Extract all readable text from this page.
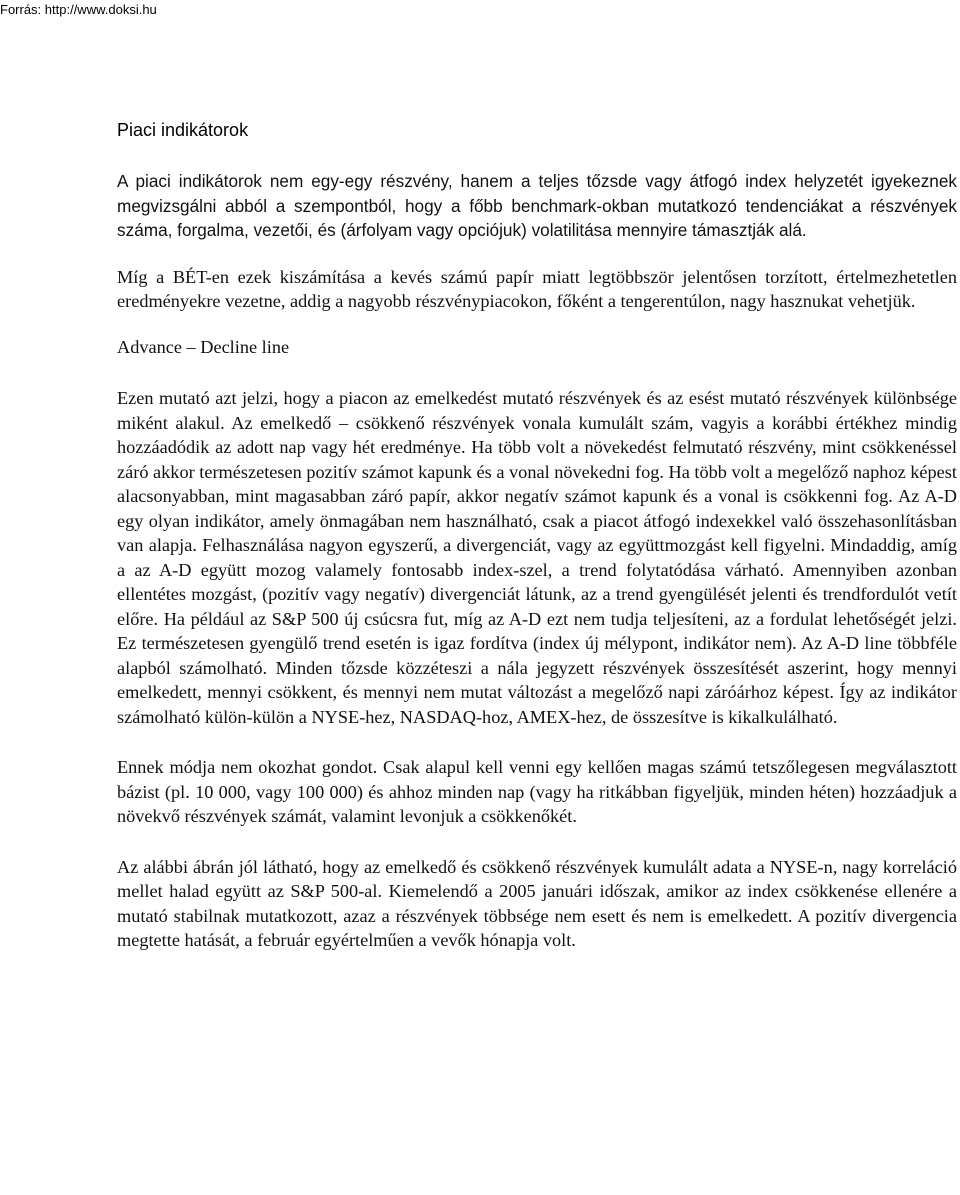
Forrás: http://www.doksi.hu
Piaci indikátorok

A piaci indikátorok nem egy-egy részvény, hanem a teljes tőzsde vagy átfogó index helyzetét igyekeznek megvizsgálni abból a szempontból, hogy a főbb benchmark-okban mutatkozó tendenciákat a részvények száma, forgalma, vezetői, és (árfolyam vagy opciójuk) volatilitása mennyire támasztják alá.

Míg a BÉT-en ezek kiszámítása a kevés számú papír miatt legtöbbször jelentősen torzított, értelmezhetetlen eredményekre vezetne, addig a nagyobb részvénypiacokon, főként a tengerentúlon, nagy hasznukat vehetjük.

Advance – Decline line

Ezen mutató azt jelzi, hogy a piacon az emelkedést mutató részvények és az esést mutató részvények különbsége miként alakul. Az emelkedő – csökkenő részvények vonala kumulált szám, vagyis a korábbi értékhez mindig hozzáadódik az adott nap vagy hét eredménye. Ha több volt a növekedést felmutató részvény, mint csökkenéssel záró akkor természetesen pozitív számot kapunk és a vonal növekedni fog. Ha több volt a megelőző naphoz képest alacsonyabban, mint magasabban záró papír, akkor negatív számot kapunk és a vonal is csökkenni fog. Az A-D egy olyan indikátor, amely önmagában nem használható, csak a piacot átfogó indexekkel való összehasonlításban van alapja. Felhasználása nagyon egyszerű, a divergenciát, vagy az együttmozgást kell figyelni. Mindaddig, amíg a az A-D együtt mozog valamely fontosabb index-szel, a trend folytatódása várható. Amennyiben azonban ellentétes mozgást, (pozitív vagy negatív) divergenciát látunk, az a trend gyengülését jelenti és trendfordulót vetít előre. Ha például az S&P 500 új csúcsra fut, míg az A-D ezt nem tudja teljesíteni, az a fordulat lehetőségét jelzi. Ez természetesen gyengülő trend esetén is igaz fordítva (index új mélypont, indikátor nem). Az A-D line többféle alapból számolható. Minden tőzsde közzéteszi a nála jegyzett részvények összesítését aszerint, hogy mennyi emelkedett, mennyi csökkent, és mennyi nem mutat változást a megelőző napi záróárhoz képest. Így az indikátor számolható külön-külön a NYSE-hez, NASDAQ-hoz, AMEX-hez, de összesítve is kikalkulálható.

Ennek módja nem okozhat gondot. Csak alapul kell venni egy kellően magas számú tetszőlegesen megválasztott bázist (pl. 10 000, vagy 100 000) és ahhoz minden nap (vagy ha ritkábban figyeljük, minden héten) hozzáadjuk a növekvő részvények számát, valamint levonjuk a csökkenőkét.

Az alábbi ábrán jól látható, hogy az emelkedő és csökkenő részvények kumulált adata a NYSE-n, nagy korreláció mellet halad együtt az S&P 500-al. Kiemelendő a 2005 januári időszak, amikor az index csökkenése ellenére a mutató stabilnak mutatkozott, azaz a részvények többsége nem esett és nem is emelkedett. A pozitív divergencia megtette hatását, a február egyértelműen a vevők hónapja volt.
